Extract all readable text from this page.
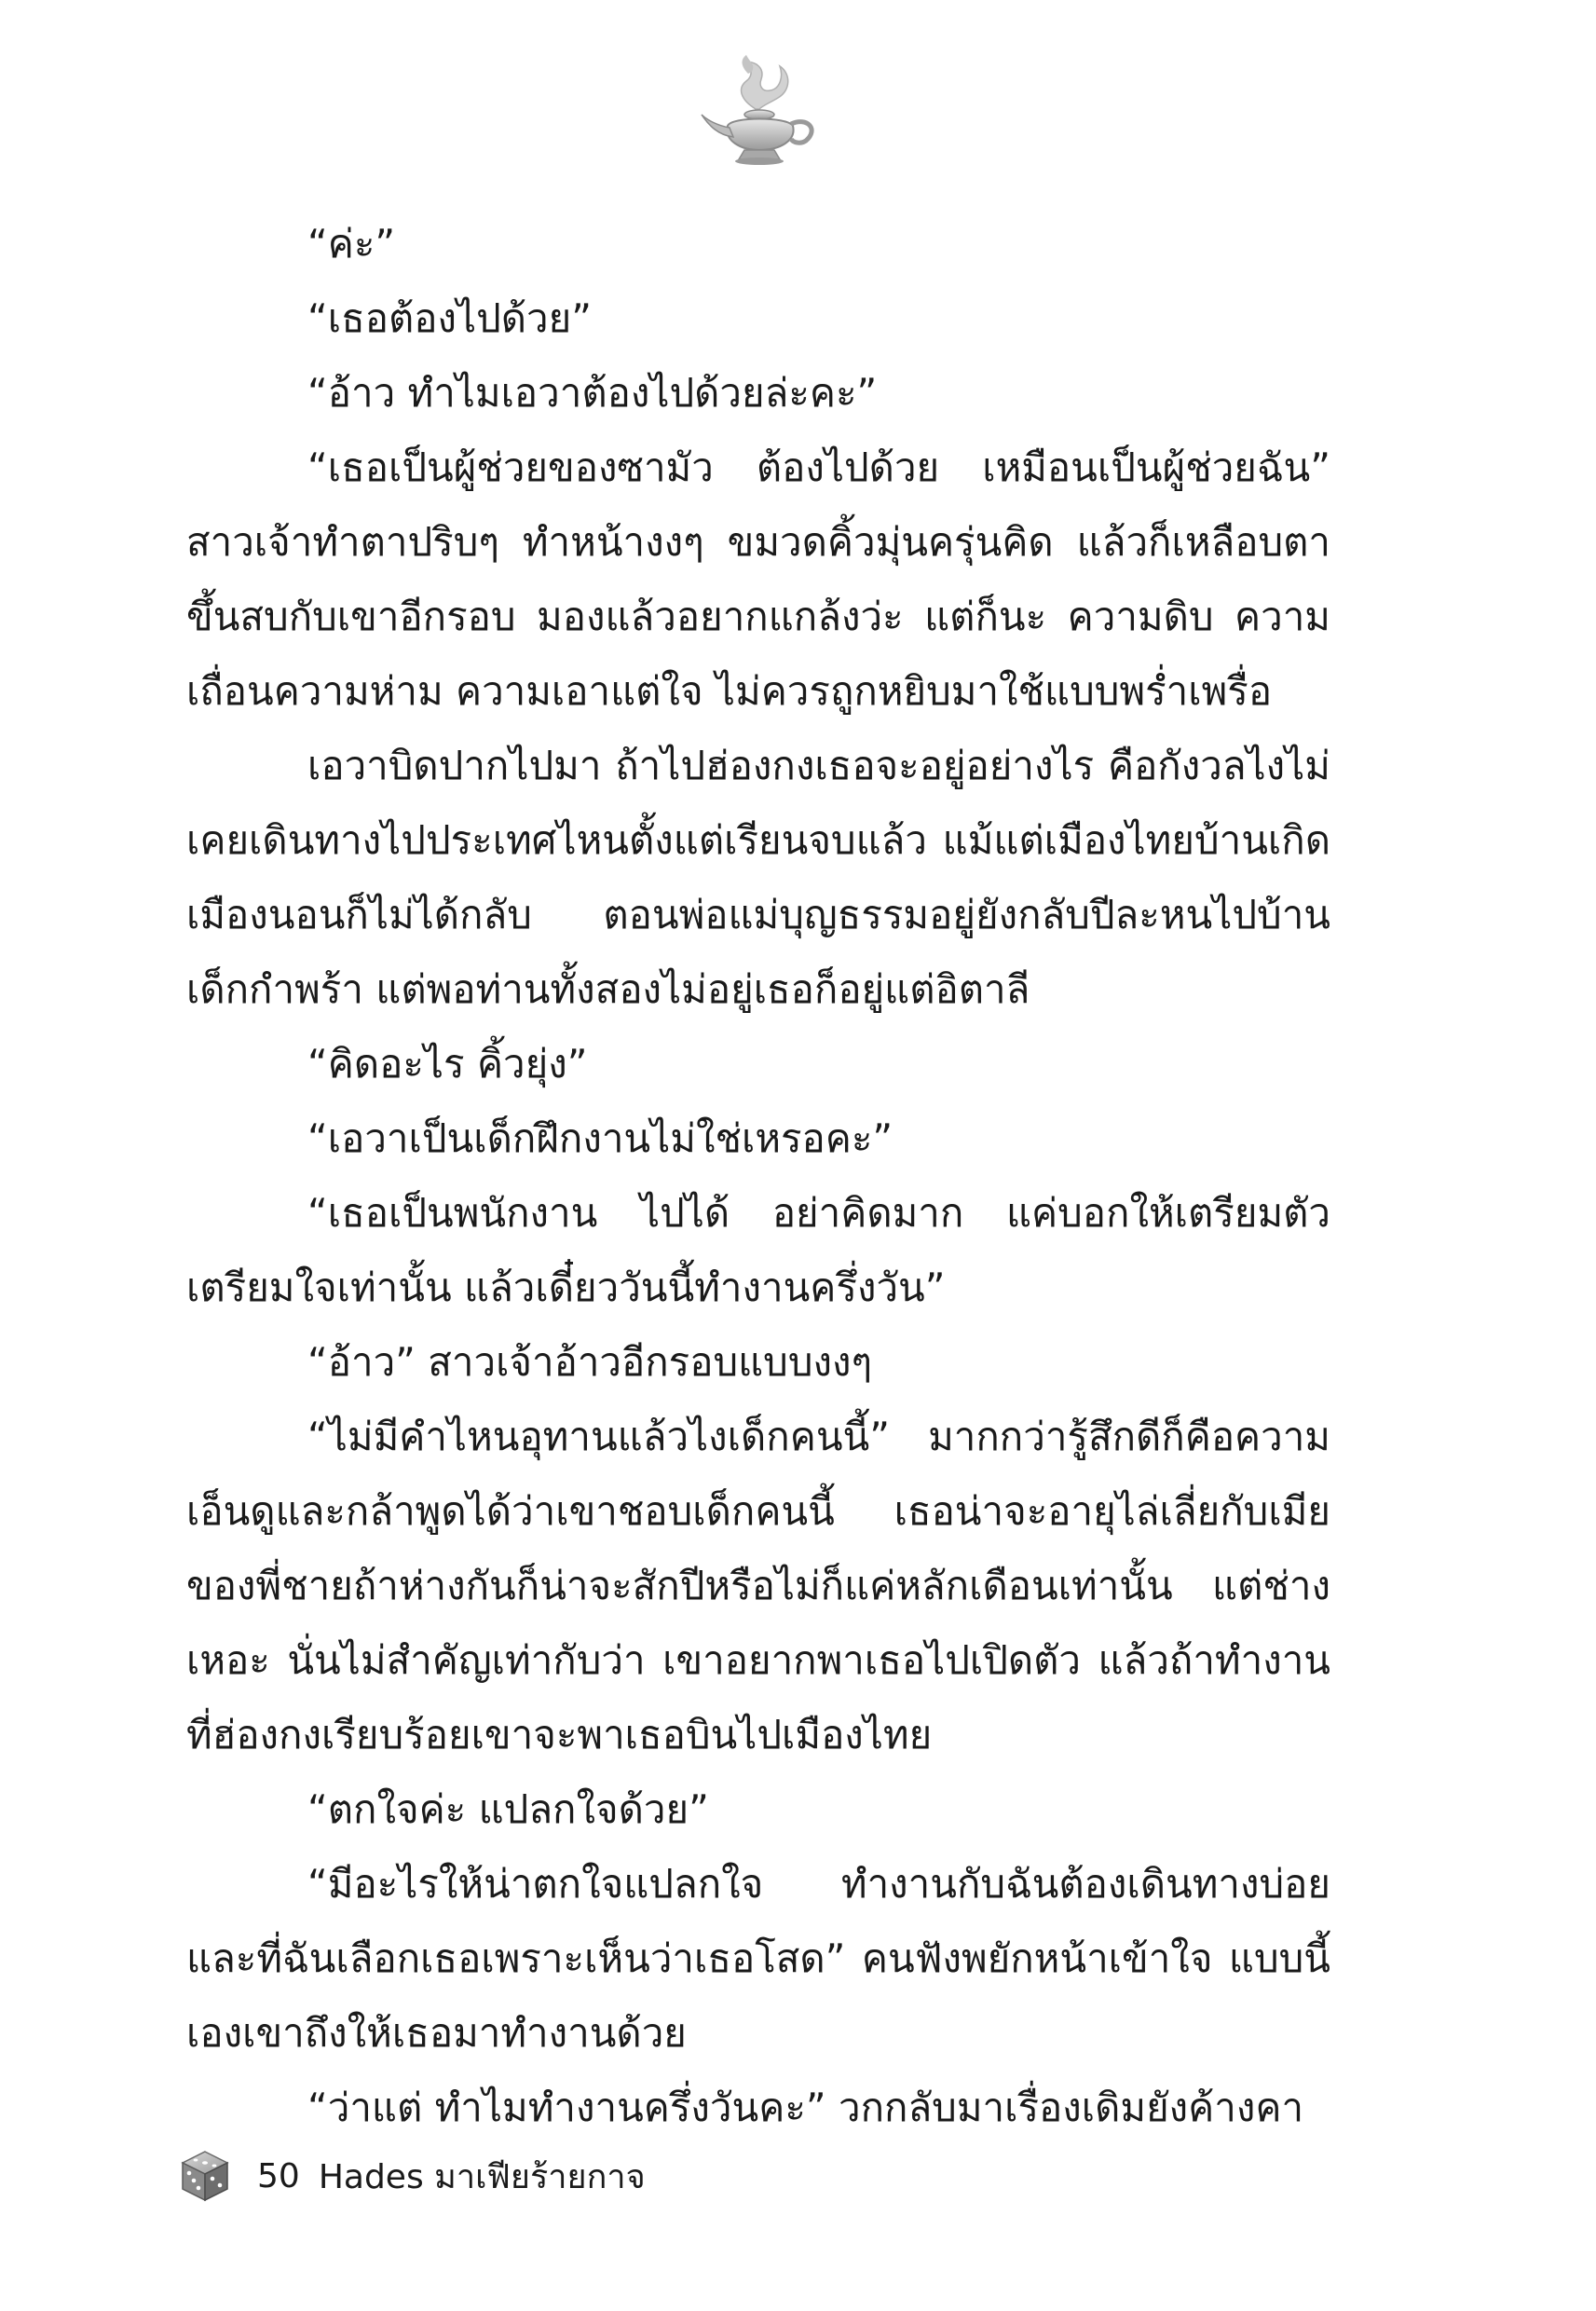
“ค่ะ”

“เธอต้องไปด้วย”

“อ้าว ทำไมเอวาต้องไปด้วยล่ะคะ”

“เธอเป็นผู้ช่วยของซามัว ต้องไปด้วย เหมือนเป็นผู้ช่วยฉัน” สาวเจ้าทำตาปริบๆ ทำหน้างงๆ ขมวดคิ้วมุ่นครุ่นคิด แล้วก็เหลือบตาขึ้นสบกับเขาอีกรอบ มองแล้วอยากแกล้งว่ะ แต่ก็นะ ความดิบ ความเถื่อนความห่าม ความเอาแต่ใจ ไม่ควรถูกหยิบมาใช้แบบพร่ำเพรื่อ

เอวาบิดปากไปมา ถ้าไปฮ่องกงเธอจะอยู่อย่างไร คือกังวลไงไม่เคยเดินทางไปประเทศไหนตั้งแต่เรียนจบแล้ว แม้แต่เมืองไทยบ้านเกิดเมืองนอนก็ไม่ได้กลับ ตอนพ่อแม่บุญธรรมอยู่ยังกลับปีละหนไปบ้านเด็กกำพร้า แต่พอท่านทั้งสองไม่อยู่เธอก็อยู่แต่อิตาลี

“คิดอะไร คิ้วยุ่ง”

“เอวาเป็นเด็กฝึกงานไม่ใช่เหรอคะ”

“เธอเป็นพนักงาน ไปได้ อย่าคิดมาก แค่บอกให้เตรียมตัวเตรียมใจเท่านั้น แล้วเดี๋ยววันนี้ทำงานครึ่งวัน”

“อ้าว” สาวเจ้าอ้าวอีกรอบแบบงงๆ

“ไม่มีคำไหนอุทานแล้วไงเด็กคนนี้” มากกว่ารู้สึกดีก็คือความเอ็นดูและกล้าพูดได้ว่าเขาชอบเด็กคนนี้ เธอน่าจะอายุไล่เลี่ยกับเมียของพี่ชายถ้าห่างกันก็น่าจะสักปีหรือไม่ก็แค่หลักเดือนเท่านั้น แต่ช่างเหอะ นั่นไม่สำคัญเท่ากับว่า เขาอยากพาเธอไปเปิดตัว แล้วถ้าทำงานที่ฮ่องกงเรียบร้อยเขาจะพาเธอบินไปเมืองไทย

“ตกใจค่ะ แปลกใจด้วย”

“มีอะไรให้น่าตกใจแปลกใจ ทำงานกับฉันต้องเดินทางบ่อยและที่ฉันเลือกเธอเพราะเห็นว่าเธอโสด” คนฟังพยักหน้าเข้าใจ แบบนี้เองเขาถึงให้เธอมาทำงานด้วย

“ว่าแต่ ทำไมทำงานครึ่งวันคะ” วกกลับมาเรื่องเดิมยังค้างคา

50 Hades มาเฟียร้ายกาจ
